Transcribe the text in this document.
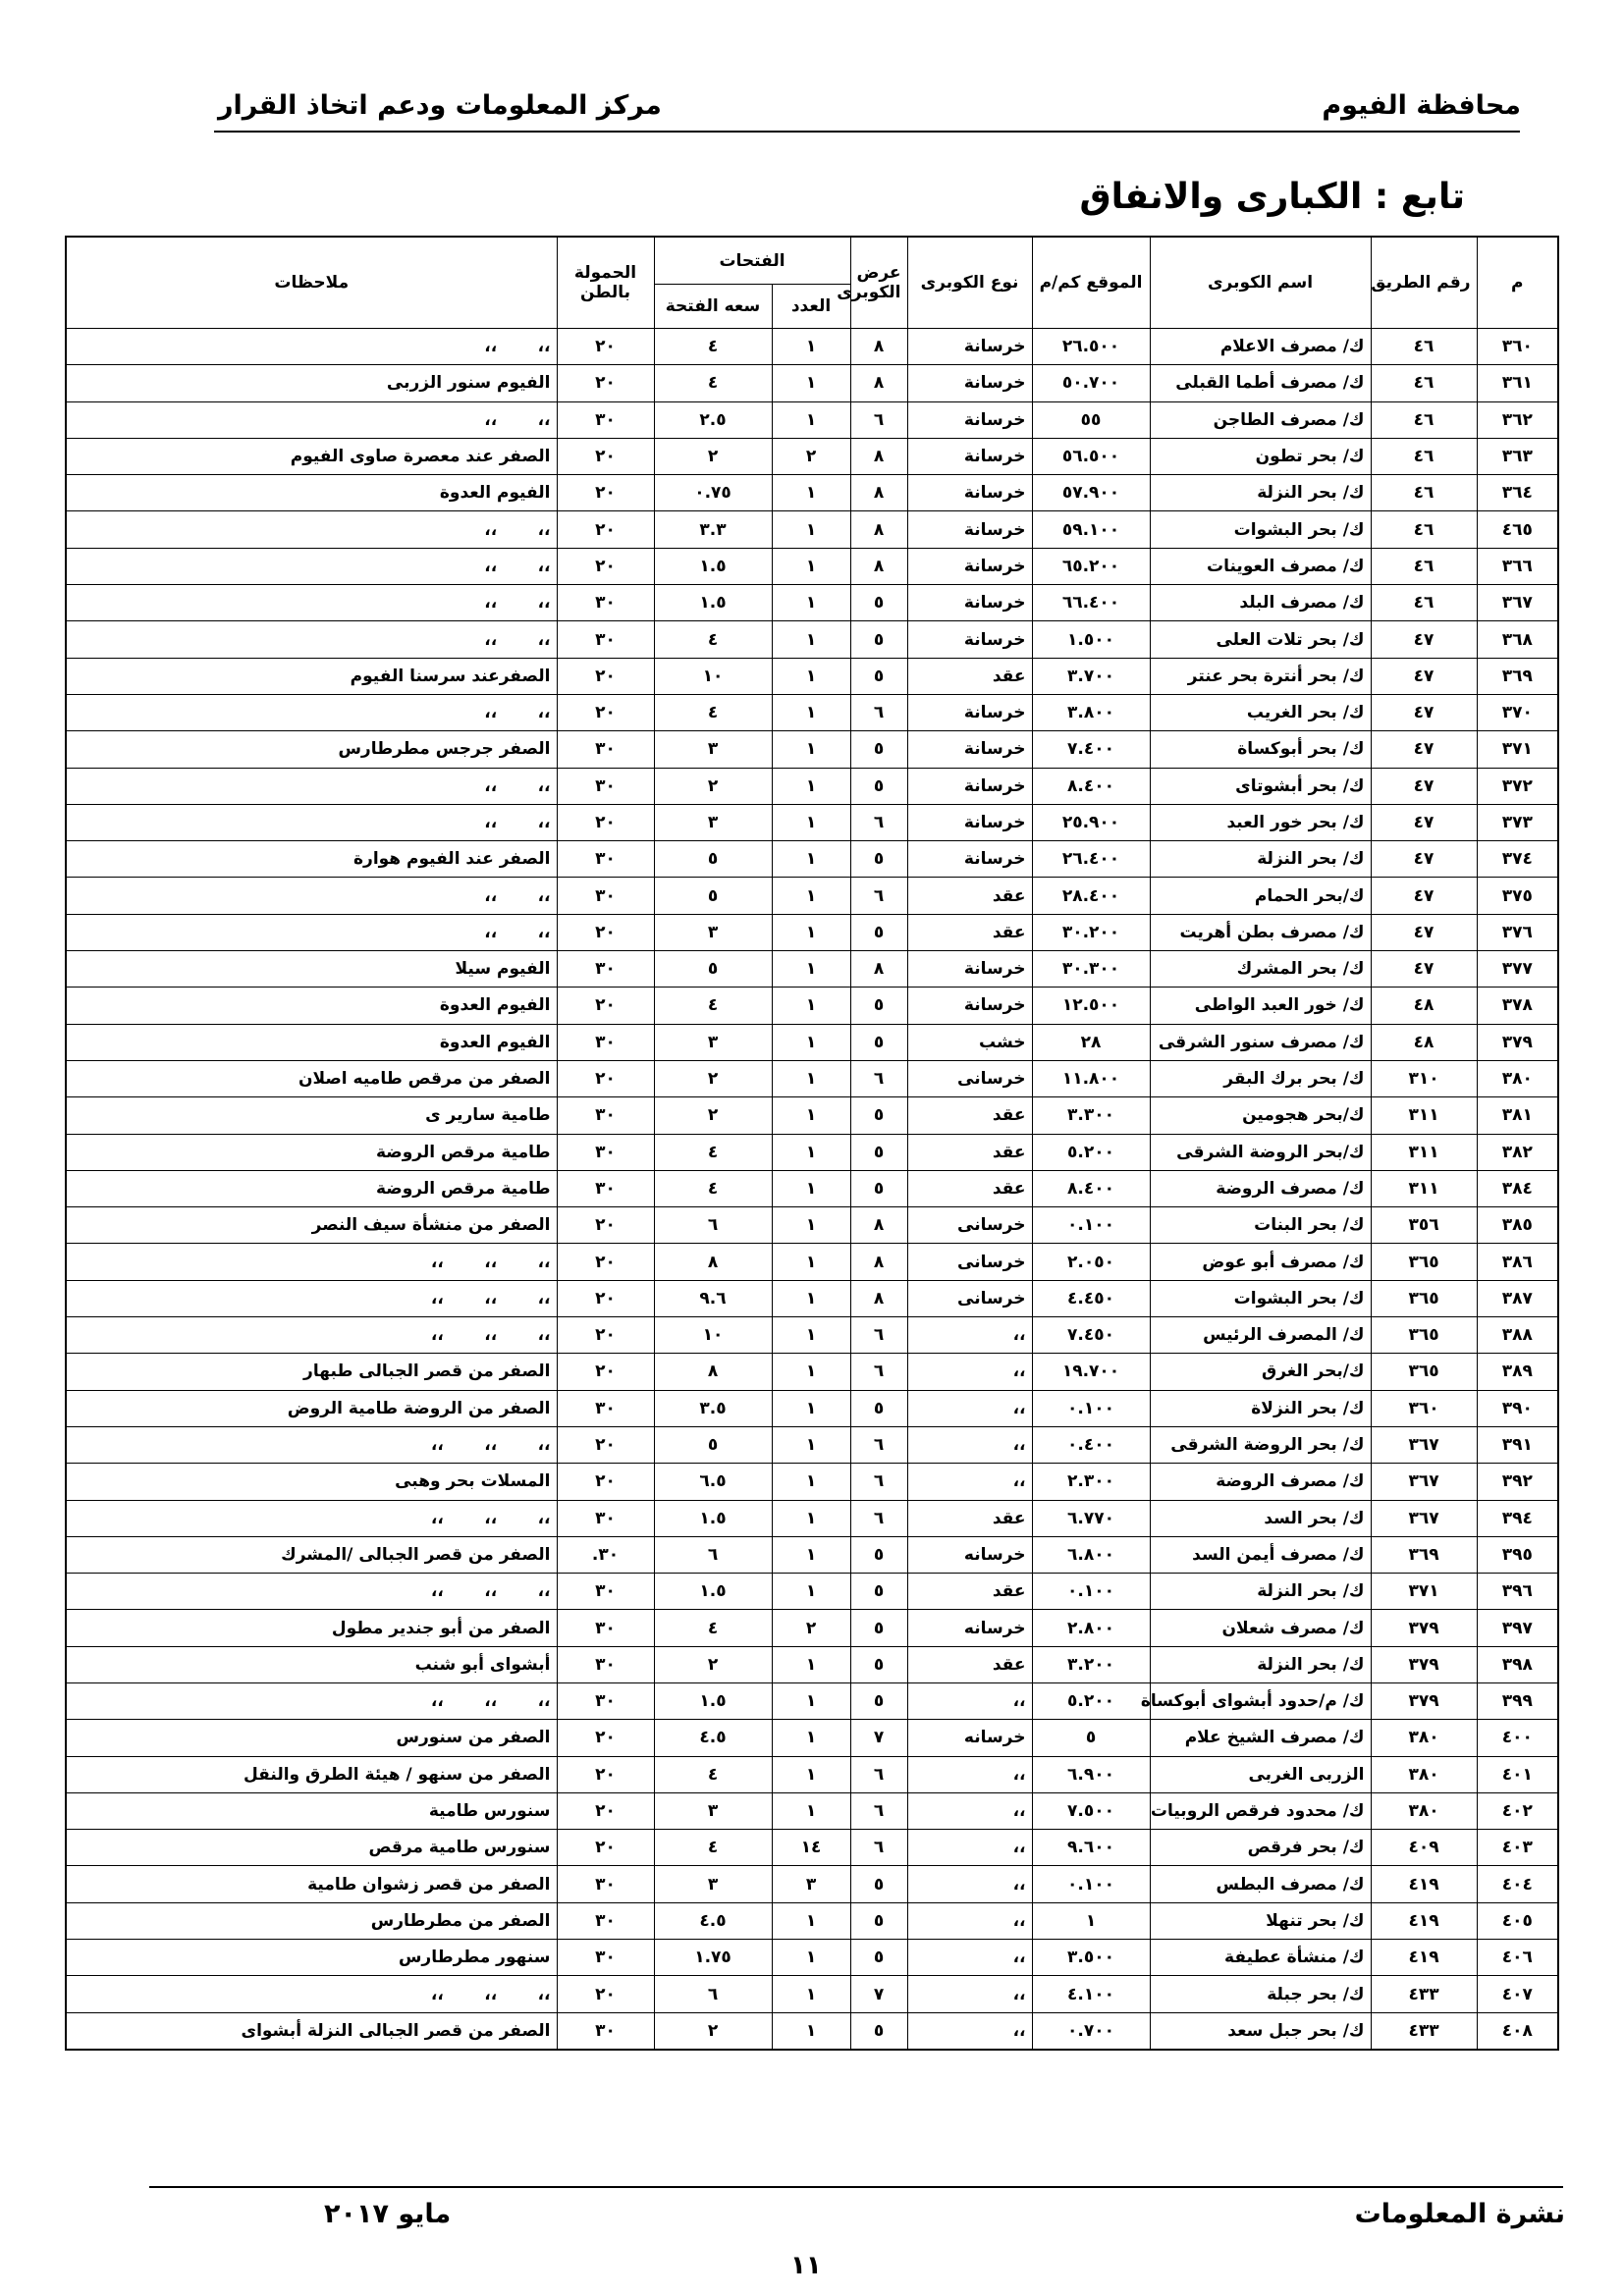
محافظة الفيوم
مركز المعلومات ودعم اتخاذ القرار
تابع : الكبارى والانفاق
م	رقم الطريق	اسم الكوبرى	الموقع كم/م	نوع الكوبرى	عرض الكوبرى	الفتحات		الحمولة بالطن	ملاحظات
						العدد	سعه الفتحة		
٣٦٠	٤٦	ك/ مصرف الاعلام	٢٦.٥٠٠	خرسانة	٨	١	٤	٢٠	،،       ،،
٣٦١	٤٦	ك/ مصرف أطما القبلى	٥٠.٧٠٠	خرسانة	٨	١	٤	٢٠	الفيوم سنور الزربى
٣٦٢	٤٦	ك/ مصرف الطاجن	٥٥	خرسانة	٦	١	٢.٥	٣٠	،،       ،،
٣٦٣	٤٦	ك/ بحر تطون	٥٦.٥٠٠	خرسانة	٨	٢	٢	٢٠	الصفر عند معصرة صاوى الفيوم
٣٦٤	٤٦	ك/ بحر النزلة	٥٧.٩٠٠	خرسانة	٨	١	٠.٧٥	٢٠	الفيوم العدوة
٤٦٥	٤٦	ك/ بحر البشوات	٥٩.١٠٠	خرسانة	٨	١	٣.٣	٢٠	،،       ،،
٣٦٦	٤٦	ك/ مصرف العوينات	٦٥.٢٠٠	خرسانة	٨	١	١.٥	٢٠	،،       ،،
٣٦٧	٤٦	ك/ مصرف البلد	٦٦.٤٠٠	خرسانة	٥	١	١.٥	٣٠	،،       ،،
٣٦٨	٤٧	ك/ بحر تلات العلى	١.٥٠٠	خرسانة	٥	١	٤	٣٠	،،       ،،
٣٦٩	٤٧	ك/ بحر أنترة بحر عنتر	٣.٧٠٠	عقد	٥	١	١٠	٢٠	الصفرعند سرسنا الفيوم
٣٧٠	٤٧	ك/ بحر الغريب	٣.٨٠٠	خرسانة	٦	١	٤	٢٠	،،       ،،
٣٧١	٤٧	ك/ بحر أبوكساة	٧.٤٠٠	خرسانة	٥	١	٣	٣٠	الصفر جرجس مطرطارس
٣٧٢	٤٧	ك/ بحر أبشوتاى	٨.٤٠٠	خرسانة	٥	١	٢	٣٠	،،       ،،
٣٧٣	٤٧	ك/ بحر خور العبد	٢٥.٩٠٠	خرسانة	٦	١	٣	٢٠	،،       ،،
٣٧٤	٤٧	ك/ بحر النزلة	٢٦.٤٠٠	خرسانة	٥	١	٥	٣٠	الصفر عند الفيوم هوارة
٣٧٥	٤٧	ك/بحر الحمام	٢٨.٤٠٠	عقد	٦	١	٥	٣٠	،،       ،،
٣٧٦	٤٧	ك/ مصرف بطن أهريت	٣٠.٢٠٠	عقد	٥	١	٣	٢٠	،،       ،،
٣٧٧	٤٧	ك/ بحر المشرك	٣٠.٣٠٠	خرسانة	٨	١	٥	٣٠	الفيوم سيلا
٣٧٨	٤٨	ك/ خور العبد الواطى	١٢.٥٠٠	خرسانة	٥	١	٤	٢٠	الفيوم العدوة
٣٧٩	٤٨	ك/ مصرف سنور الشرقى	٢٨	خشب	٥	١	٣	٣٠	الفيوم العدوة
٣٨٠	٣١٠	ك/ بحر برك البقر	١١.٨٠٠	خرسانى	٦	١	٢	٢٠	الصفر من مرقص طاميه اصلان
٣٨١	٣١١	ك/بحر هجومين	٣.٣٠٠	عقد	٥	١	٢	٣٠	طامية سارير ى
٣٨٢	٣١١	ك/بحر الروضة الشرقى	٥.٢٠٠	عقد	٥	١	٤	٣٠	طامية مرقص الروضة
٣٨٤	٣١١	ك/ مصرف الروضة	٨.٤٠٠	عقد	٥	١	٤	٣٠	طامية مرقص الروضة
٣٨٥	٣٥٦	ك/ بحر البنات	٠.١٠٠	خرسانى	٨	١	٦	٢٠	الصفر من منشأة سيف النصر
٣٨٦	٣٦٥	ك/ مصرف أبو عوض	٢.٠٥٠	خرسانى	٨	١	٨	٢٠	،،       ،،       ،،
٣٨٧	٣٦٥	ك/ بحر البشوات	٤.٤٥٠	خرسانى	٨	١	٩.٦	٢٠	،،       ،،       ،،
٣٨٨	٣٦٥	ك/ المصرف الرئيس	٧.٤٥٠	،،	٦	١	١٠	٢٠	،،       ،،       ،،
٣٨٩	٣٦٥	ك/بحر الغرق	١٩.٧٠٠	،،	٦	١	٨	٢٠	الصفر من قصر الجبالى طبهار
٣٩٠	٣٦٠	ك/ بحر النزلاة	٠.١٠٠	،،	٥	١	٣.٥	٣٠	الصفر من الروضة طامية الروض
٣٩١	٣٦٧	ك/ بحر الروضة الشرقى	٠.٤٠٠	،،	٦	١	٥	٢٠	،،       ،،       ،،
٣٩٢	٣٦٧	ك/ مصرف الروضة	٢.٣٠٠	،،	٦	١	٦.٥	٢٠	المسلات بحر وهبى
٣٩٤	٣٦٧	ك/ بحر السد	٦.٧٧٠	عقد	٦	١	١.٥	٣٠	،،       ،،       ،،
٣٩٥	٣٦٩	ك/ مصرف أيمن السد	٦.٨٠٠	خرسانه	٥	١	٦	٣٠.	الصفر من قصر الجبالى /المشرك
٣٩٦	٣٧١	ك/ بحر النزلة	٠.١٠٠	عقد	٥	١	١.٥	٣٠	،،       ،،       ،،
٣٩٧	٣٧٩	ك/ مصرف شعلان	٢.٨٠٠	خرسانه	٥	٢	٤	٣٠	الصفر من أبو جندير مطول
٣٩٨	٣٧٩	ك/ بحر النزلة	٣.٢٠٠	عقد	٥	١	٢	٣٠	أبشواى أبو شنب
٣٩٩	٣٧٩	ك/ م/حدود أبشواى أبوكساة	٥.٢٠٠	،،	٥	١	١.٥	٣٠	،،       ،،       ،،
٤٠٠	٣٨٠	ك/ مصرف الشيخ علام	٥	خرسانه	٧	١	٤.٥	٢٠	الصفر من سنورس
٤٠١	٣٨٠	الزربى الغربى	٦.٩٠٠	،،	٦	١	٤	٢٠	الصفر من سنهو / هيئة الطرق والنقل
٤٠٢	٣٨٠	ك/ محدود فرقص الروبيات	٧.٥٠٠	،،	٦	١	٣	٢٠	سنورس طامية
٤٠٣	٤٠٩	ك/ بحر فرقص	٩.٦٠٠	،،	٦	١٤	٤	٢٠	سنورس طامية مرقص
٤٠٤	٤١٩	ك/ مصرف البطس	٠.١٠٠	،،	٥	٣	٣	٣٠	الصفر من قصر زشوان طامية
٤٠٥	٤١٩	ك/ بحر تنهلا	١	،،	٥	١	٤.٥	٣٠	الصفر من مطرطارس
٤٠٦	٤١٩	ك/ منشأة عطيفة	٣.٥٠٠	،،	٥	١	١.٧٥	٣٠	سنهور مطرطارس
٤٠٧	٤٣٣	ك/ بحر جبلة	٤.١٠٠	،،	٧	١	٦	٢٠	،،       ،،       ،،
٤٠٨	٤٣٣	ك/ بحر جبل سعد	٠.٧٠٠	،،	٥	١	٢	٣٠	الصفر من قصر الجبالى النزلة أبشواى
نشرة المعلومات
مايو ٢٠١٧
١١
